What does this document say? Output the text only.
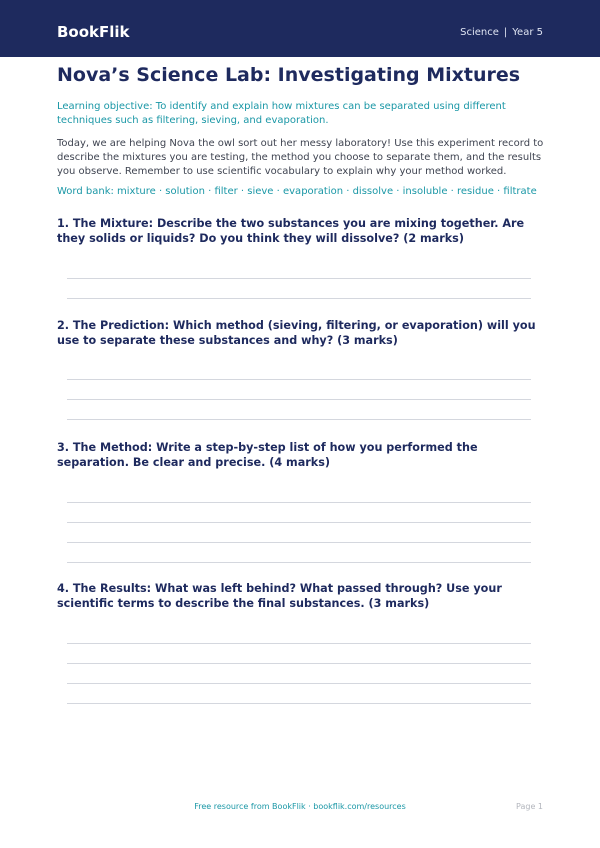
BookFlik	Science | Year 5
Nova’s Science Lab: Investigating Mixtures

Learning objective: To identify and explain how mixtures can be separated using different techniques such as filtering, sieving, and evaporation.

Today, we are helping Nova the owl sort out her messy laboratory! Use this experiment record to describe the mixtures you are testing, the method you choose to separate them, and the results you observe. Remember to use scientific vocabulary to explain why your method worked.

Word bank: mixture · solution · filter · sieve · evaporation · dissolve · insoluble · residue · filtrate

1. The Mixture: Describe the two substances you are mixing together. Are they solids or liquids? Do you think they will dissolve? (2 marks)

2. The Prediction: Which method (sieving, filtering, or evaporation) will you use to separate these substances and why? (3 marks)

3. The Method: Write a step-by-step list of how you performed the separation. Be clear and precise. (4 marks)

4. The Results: What was left behind? What passed through? Use your scientific terms to describe the final substances. (3 marks)

Free resource from BookFlik · bookflik.com/resources	Page 1
